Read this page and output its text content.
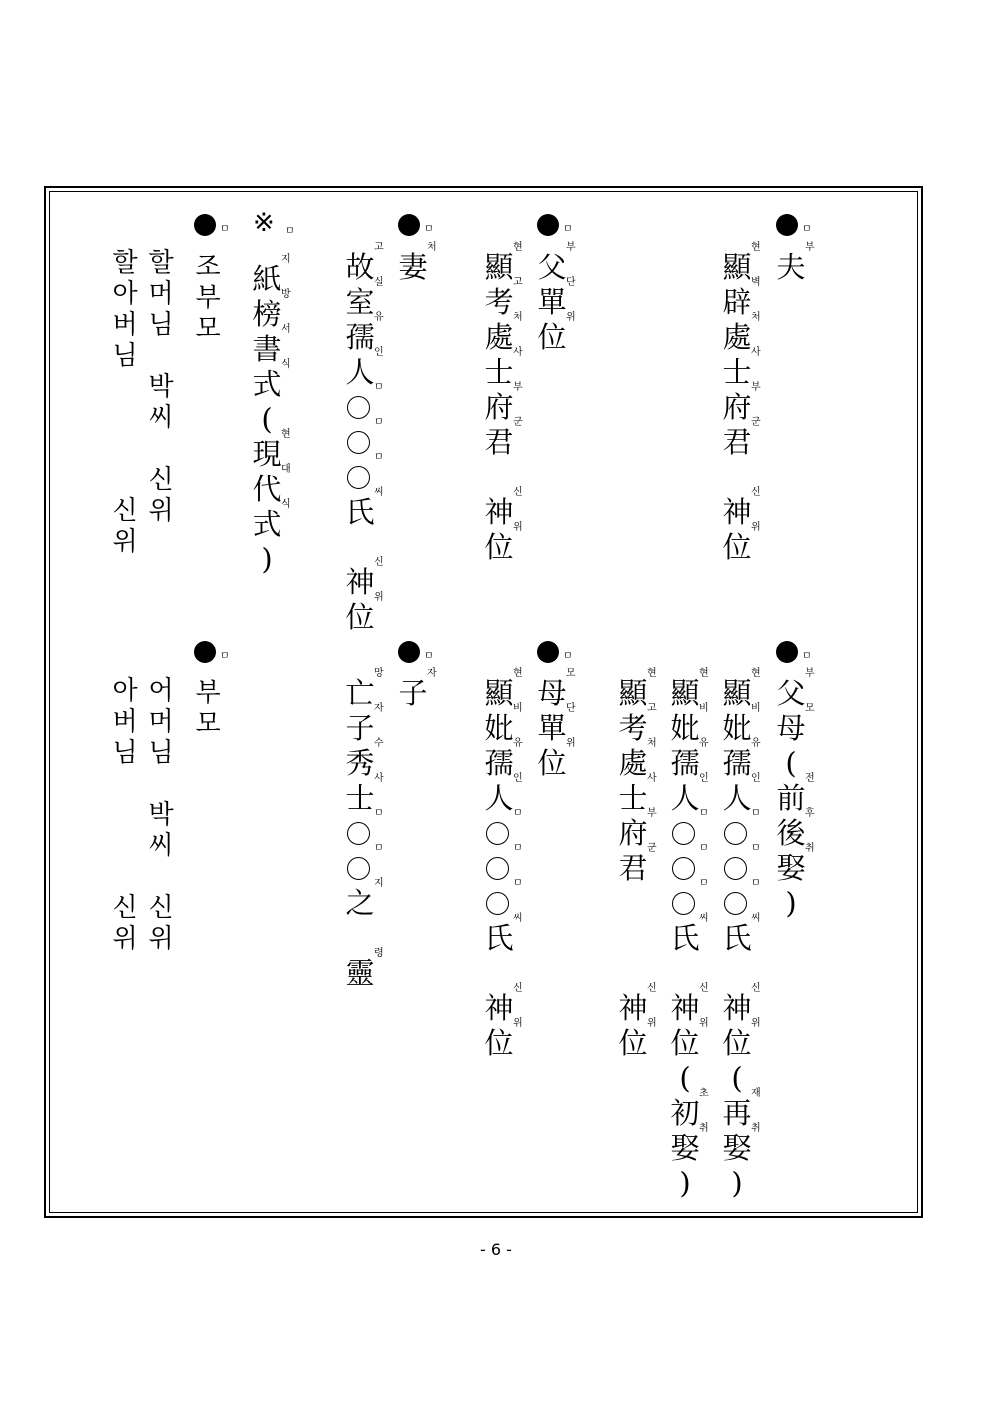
ㅁ
ㅁ
ㅁ
※ ㅁ
ㅁ
夫
부
顯
현
辟
벽
處
처
士
사
府
부
君
군
神
신
位
위
父
부
單
단
位
위
顯
현
考
고
處
처
士
사
府
부
君
군
神
신
位
위
妻
처
故
고
室
실
孺
유
人
인
ㅁ
ㅁ
ㅁ
氏
씨
神
신
位
위
紙
지
榜
방
書
서
式
식
(
現
현
代
대
式
식
)
조
부
모
할
머
님

박
씨

신
위
할
아
버
님

신
위
ㅁ
ㅁ
ㅁ
ㅁ
父
부
母
모
(
前
전
後
후
娶
취
)
顯
현
妣
비
孺
유
人
인
ㅁ
ㅁ
ㅁ
氏
씨
神
신
位
위
(
再
재
娶
취
)
顯
현
妣
비
孺
유
人
인
ㅁ
ㅁ
ㅁ
氏
씨
神
신
位
위
(
初
초
娶
취
)
顯
현
考
고
處
처
士
사
府
부
君
군
神
신
位
위
母
모
單
단
位
위
顯
현
妣
비
孺
유
人
인
ㅁ
ㅁ
ㅁ
氏
씨
神
신
位
위
子
자
亡
망
子
자
秀
수
士
사
ㅁ
ㅁ
之
지
靈
령
부
모
어
머
님

박
씨

신
위
아
버
님

신
위
- 6 -
